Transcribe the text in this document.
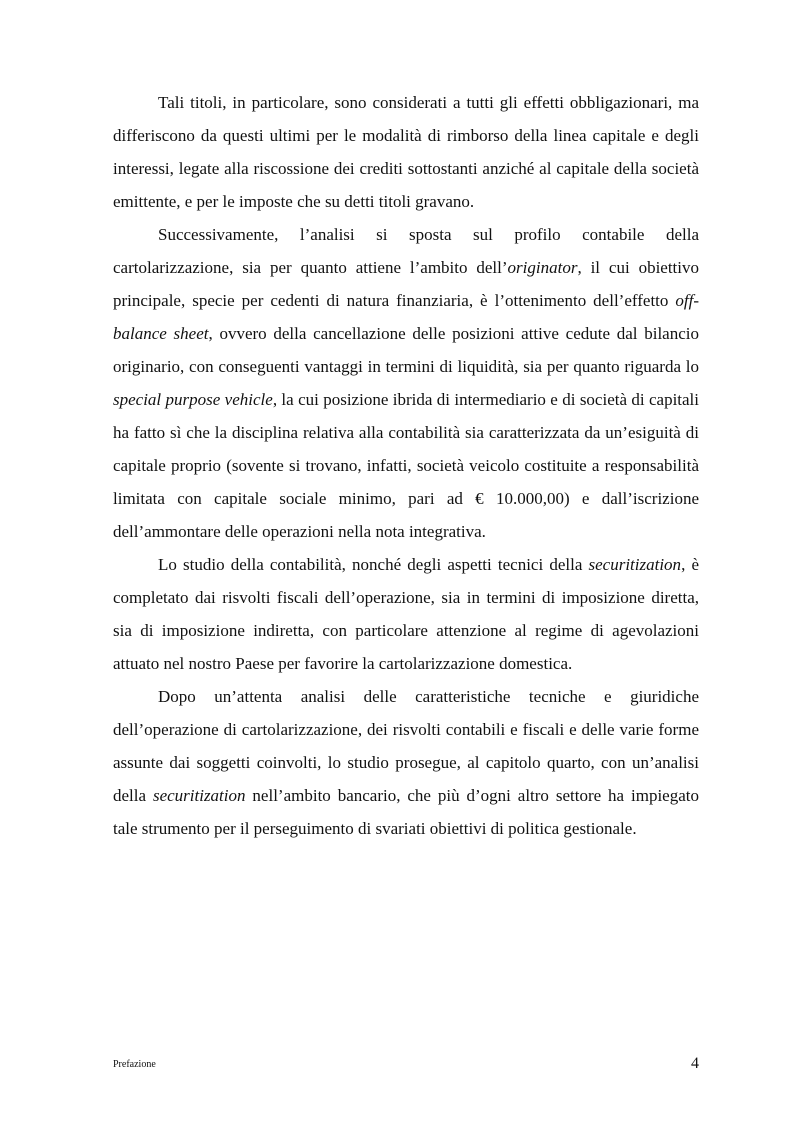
Tali titoli, in particolare, sono considerati a tutti gli effetti obbligazionari, ma differiscono da questi ultimi per le modalità di rimborso della linea capitale e degli interessi, legate alla riscossione dei crediti sottostanti anziché al capitale della società emittente, e per le imposte che su detti titoli gravano.

Successivamente, l’analisi si sposta sul profilo contabile della cartolarizzazione, sia per quanto attiene l’ambito dell’originator, il cui obiettivo principale, specie per cedenti di natura finanziaria, è l’ottenimento dell’effetto off-balance sheet, ovvero della cancellazione delle posizioni attive cedute dal bilancio originario, con conseguenti vantaggi in termini di liquidità, sia per quanto riguarda lo special purpose vehicle, la cui posizione ibrida di intermediario e di società di capitali ha fatto sì che la disciplina relativa alla contabilità sia caratterizzata da un’esiguità di capitale proprio (sovente si trovano, infatti, società veicolo costituite a responsabilità limitata con capitale sociale minimo, pari ad € 10.000,00) e dall’iscrizione dell’ammontare delle operazioni nella nota integrativa.

Lo studio della contabilità, nonché degli aspetti tecnici della securitization, è completato dai risvolti fiscali dell’operazione, sia in termini di imposizione diretta, sia di imposizione indiretta, con particolare attenzione al regime di agevolazioni attuato nel nostro Paese per favorire la cartolarizzazione domestica.

Dopo un’attenta analisi delle caratteristiche tecniche e giuridiche dell’operazione di cartolarizzazione, dei risvolti contabili e fiscali e delle varie forme assunte dai soggetti coinvolti, lo studio prosegue, al capitolo quarto, con un’analisi della securitization nell’ambito bancario, che più d’ogni altro settore ha impiegato tale strumento per il perseguimento di svariati obiettivi di politica gestionale.

Prefazione	4
